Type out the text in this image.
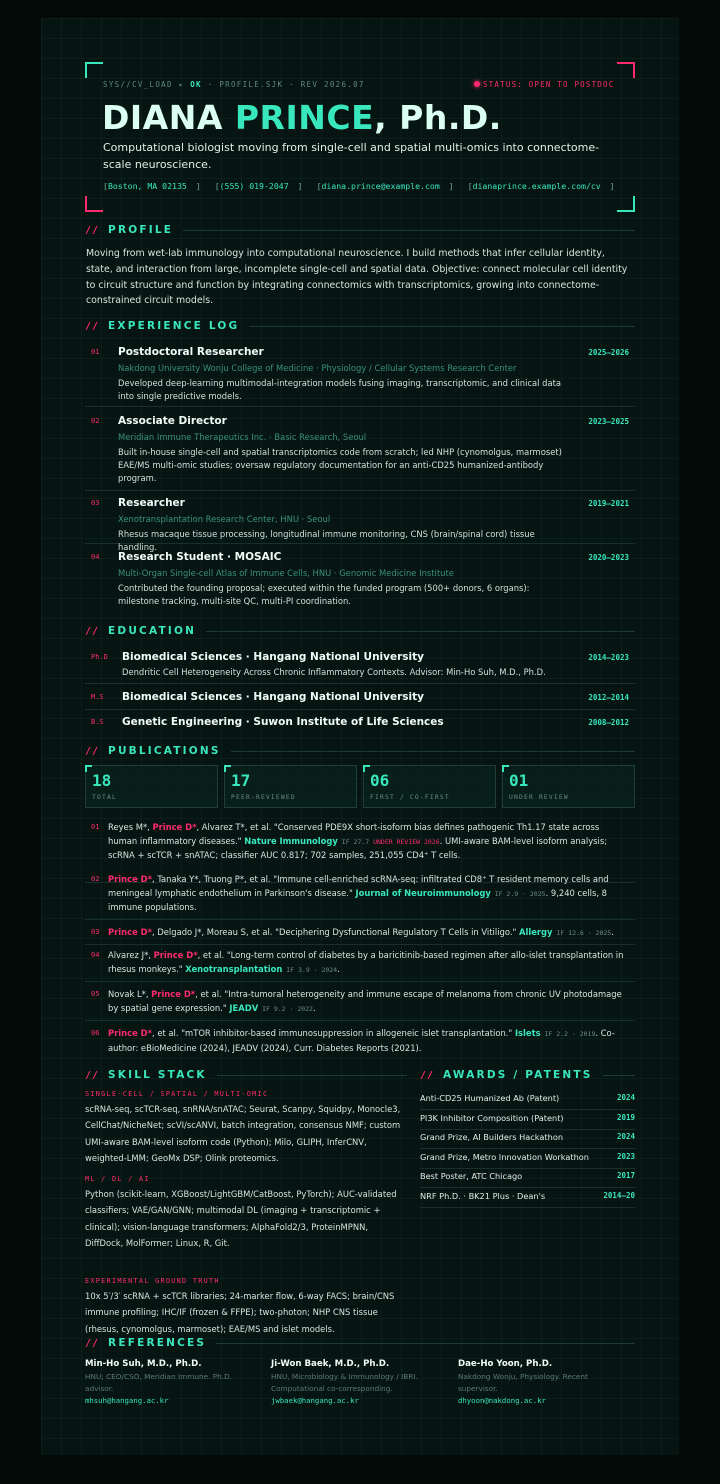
SYS//CV_LOAD ▸ OK · PROFILE.SJK · REV 2026.07	STATUS: OPEN TO POSTDOC
DIANA PRINCE, Ph.D.
Computational biologist moving from single-cell and spatial multi-omics into connectome-scale neuroscience.
[Boston, MA 02135 ] [(555) 019-2047 ] [diana.prince@example.com ] [dianaprince.example.com/cv ]
// PROFILE
Moving from wet-lab immunology into computational neuroscience. I build methods that infer cellular identity, state, and interaction from large, incomplete single-cell and spatial data. Objective: connect molecular cell identity to circuit structure and function by integrating connectomics with transcriptomics, growing into connectome-constrained circuit models.
// EXPERIENCE LOG
01 Postdoctoral Researcher	2025–2026
Nakdong University Wonju College of Medicine · Physiology / Cellular Systems Research Center
Developed deep-learning multimodal-integration models fusing imaging, transcriptomic, and clinical data into single predictive models.
02 Associate Director	2023–2025
Meridian Immune Therapeutics Inc. · Basic Research, Seoul
Built in-house single-cell and spatial transcriptomics code from scratch; led NHP (cynomolgus, marmoset) EAE/MS multi-omic studies; oversaw regulatory documentation for an anti-CD25 humanized-antibody program.
03 Researcher	2019–2021
Xenotransplantation Research Center, HNU · Seoul
Rhesus macaque tissue processing, longitudinal immune monitoring, CNS (brain/spinal cord) tissue handling.
04 Research Student · MOSAIC	2020–2023
Multi-Organ Single-cell Atlas of Immune Cells, HNU · Genomic Medicine Institute
Contributed the founding proposal; executed within the funded program (500+ donors, 6 organs): milestone tracking, multi-site QC, multi-PI coordination.
// EDUCATION
Ph.D Biomedical Sciences · Hangang National University	2014–2023
Dendritic Cell Heterogeneity Across Chronic Inflammatory Contexts. Advisor: Min-Ho Suh, M.D., Ph.D.
M.S Biomedical Sciences · Hangang National University	2012–2014
B.S Genetic Engineering · Suwon Institute of Life Sciences	2008–2012
// PUBLICATIONS
18
TOTAL
17
PEER-REVIEWED
06
FIRST / CO-FIRST
01
UNDER REVIEW
01 Reyes M*, Prince D*, Alvarez T*, et al. "Conserved PDE9X short-isoform bias defines pathogenic Th1.17 state across human inflammatory diseases." Nature Immunology IF 27.7 UNDER REVIEW 2026. UMI-aware BAM-level isoform analysis; scRNA + scTCR + snATAC; classifier AUC 0.817; 702 samples, 251,055 CD4⁺ T cells.
02 Prince D*, Tanaka Y*, Truong P*, et al. "Immune cell-enriched scRNA-seq: infiltrated CD8⁺ T resident memory cells and meningeal lymphatic endothelium in Parkinson's disease." Journal of Neuroimmunology IF 2.9 · 2025. 9,240 cells, 8 immune populations.
03 Prince D*, Delgado J*, Moreau S, et al. "Deciphering Dysfunctional Regulatory T Cells in Vitiligo." Allergy IF 12.6 · 2025.
04 Alvarez J*, Prince D*, et al. "Long-term control of diabetes by a baricitinib-based regimen after allo-islet transplantation in rhesus monkeys." Xenotransplantation IF 3.9 · 2024.
05 Novak L*, Prince D*, et al. "Intra-tumoral heterogeneity and immune escape of melanoma from chronic UV photodamage by spatial gene expression." JEADV IF 9.2 · 2022.
06 Prince D*, et al. "mTOR inhibitor-based immunosuppression in allogeneic islet transplantation." Islets IF 2.2 · 2019. Co-author: eBioMedicine (2024), JEADV (2024), Curr. Diabetes Reports (2021).
// SKILL STACK
SINGLE-CELL / SPATIAL / MULTI-OMIC
scRNA-seq, scTCR-seq, snRNA/snATAC; Seurat, Scanpy, Squidpy, Monocle3, CellChat/NicheNet; scVI/scANVI, batch integration, consensus NMF; custom UMI-aware BAM-level isoform code (Python); Milo, GLIPH, InferCNV, weighted-LMM; GeoMx DSP; Olink proteomics.
ML / DL / AI
Python (scikit-learn, XGBoost/LightGBM/CatBoost, PyTorch); AUC-validated classifiers; VAE/GAN/GNN; multimodal DL (imaging + transcriptomic + clinical); vision-language transformers; AlphaFold2/3, ProteinMPNN, DiffDock, MolFormer; Linux, R, Git.
EXPERIMENTAL GROUND TRUTH
10x 5′/3′ scRNA + scTCR libraries; 24-marker flow, 6-way FACS; brain/CNS immune profiling; IHC/IF (frozen & FFPE); two-photon; NHP CNS tissue (rhesus, cynomolgus, marmoset); EAE/MS and islet models.
// AWARDS / PATENTS
Anti-CD25 Humanized Ab (Patent)	2024
PI3K Inhibitor Composition (Patent)	2019
Grand Prize, AI Builders Hackathon	2024
Grand Prize, Metro Innovation Workathon	2023
Best Poster, ATC Chicago	2017
NRF Ph.D. · BK21 Plus · Dean's	2014–20
// REFERENCES
Min-Ho Suh, M.D., Ph.D.
HNU; CEO/CSO, Meridian Immune. Ph.D. advisor.
mhsuh@hangang.ac.kr
Ji-Won Baek, M.D., Ph.D.
HNU, Microbiology & Immunology / IBRI. Computational co-corresponding.
jwbaek@hangang.ac.kr
Dae-Ho Yoon, Ph.D.
Nakdong Wonju, Physiology. Recent supervisor.
dhyoon@nakdong.ac.kr
